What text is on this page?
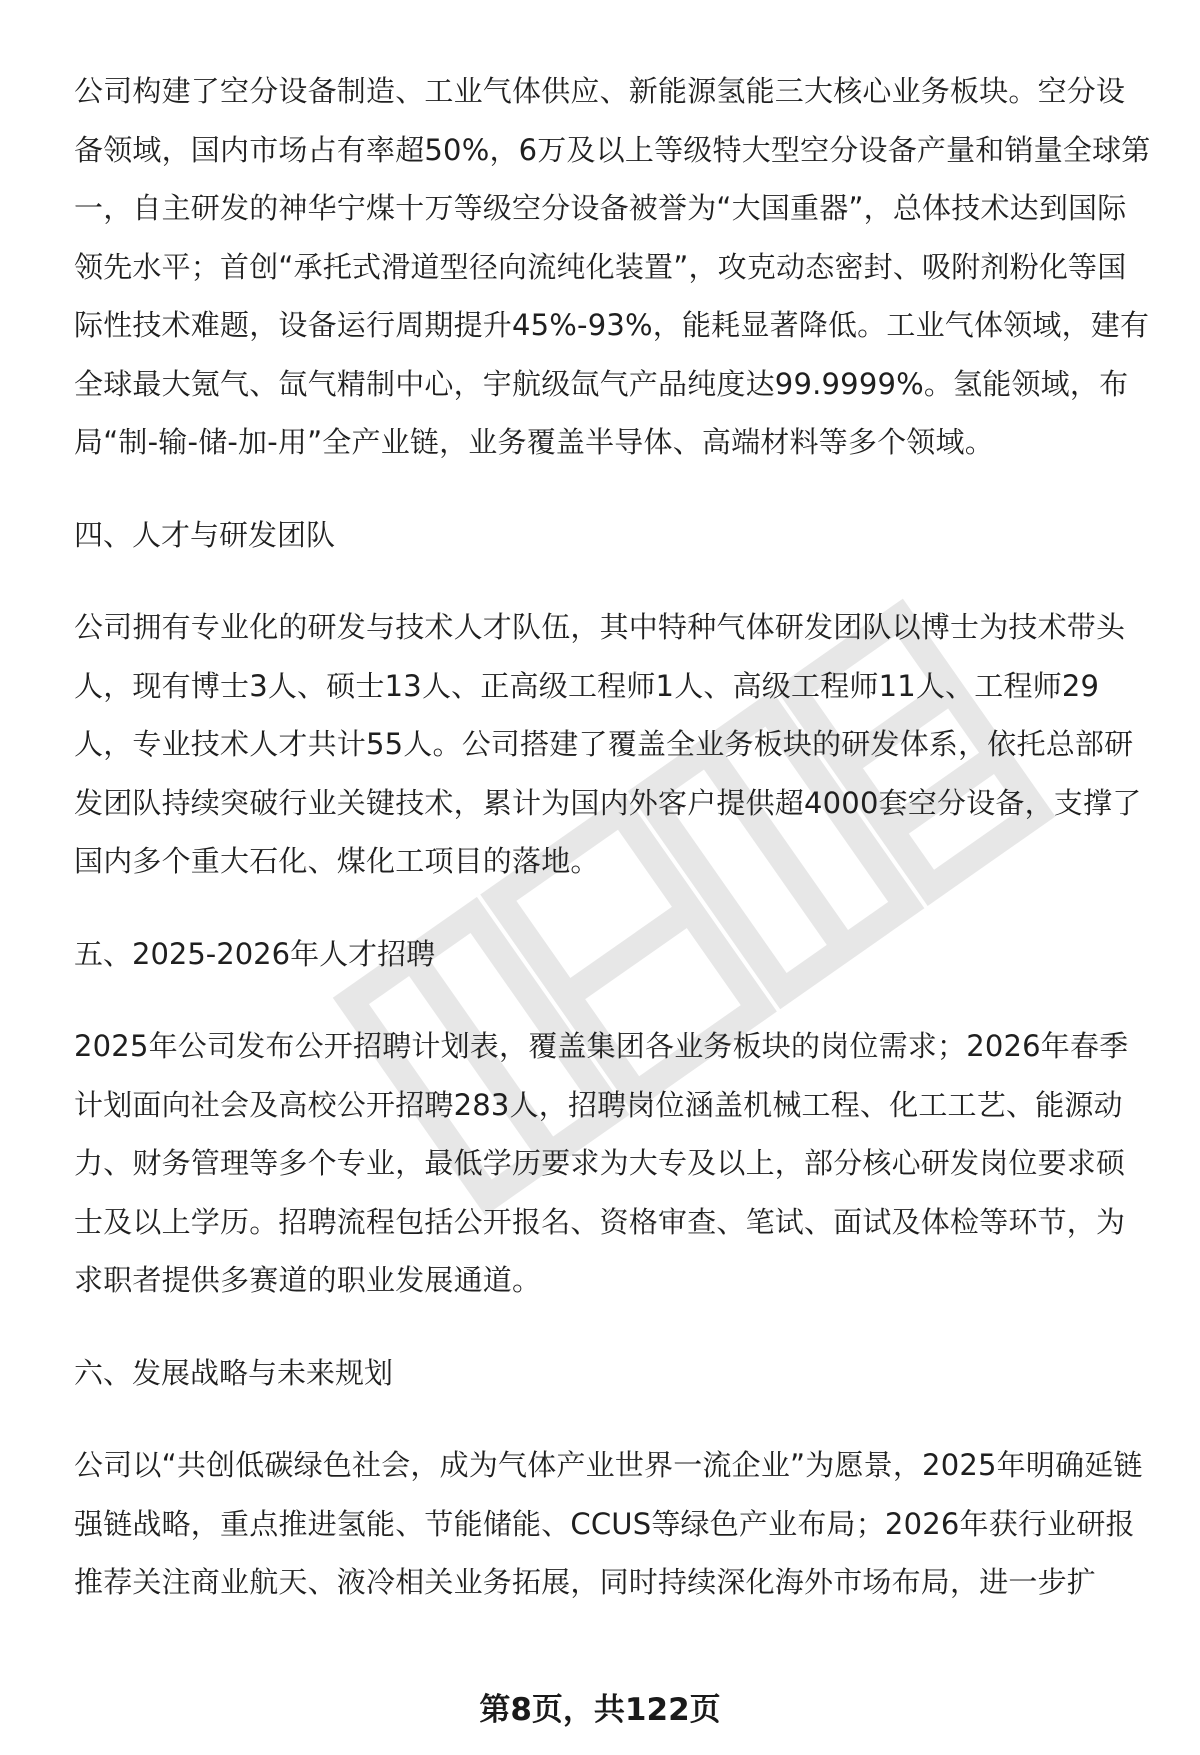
公司构建了空分设备制造、工业气体供应、新能源氢能三大核心业务板块。空分设备领域，国内市场占有率超50%，6万及以上等级特大型空分设备产量和销量全球第一，自主研发的神华宁煤十万等级空分设备被誉为“大国重器”，总体技术达到国际领先水平；首创“承托式滑道型径向流纯化装置”，攻克动态密封、吸附剂粉化等国际性技术难题，设备运行周期提升45%-93%，能耗显著降低。工业气体领域，建有全球最大氪气、氙气精制中心，宇航级氙气产品纯度达99.9999%。氢能领域，布局“制-输-储-加-用”全产业链，业务覆盖半导体、高端材料等多个领域。

四、人才与研发团队

公司拥有专业化的研发与技术人才队伍，其中特种气体研发团队以博士为技术带头人，现有博士3人、硕士13人、正高级工程师1人、高级工程师11人、工程师29人，专业技术人才共计55人。公司搭建了覆盖全业务板块的研发体系，依托总部研发团队持续突破行业关键技术，累计为国内外客户提供超4000套空分设备，支撑了国内多个重大石化、煤化工项目的落地。

五、2025-2026年人才招聘

2025年公司发布公开招聘计划表，覆盖集团各业务板块的岗位需求；2026年春季计划面向社会及高校公开招聘283人，招聘岗位涵盖机械工程、化工工艺、能源动力、财务管理等多个专业，最低学历要求为大专及以上，部分核心研发岗位要求硕士及以上学历。招聘流程包括公开报名、资格审查、笔试、面试及体检等环节，为求职者提供多赛道的职业发展通道。

六、发展战略与未来规划

公司以“共创低碳绿色社会，成为气体产业世界一流企业”为愿景，2025年明确延链强链战略，重点推进氢能、节能储能、CCUS等绿色产业布局；2026年获行业研报推荐关注商业航天、液冷相关业务拓展，同时持续深化海外市场布局，进一步扩

第8页，共122页
